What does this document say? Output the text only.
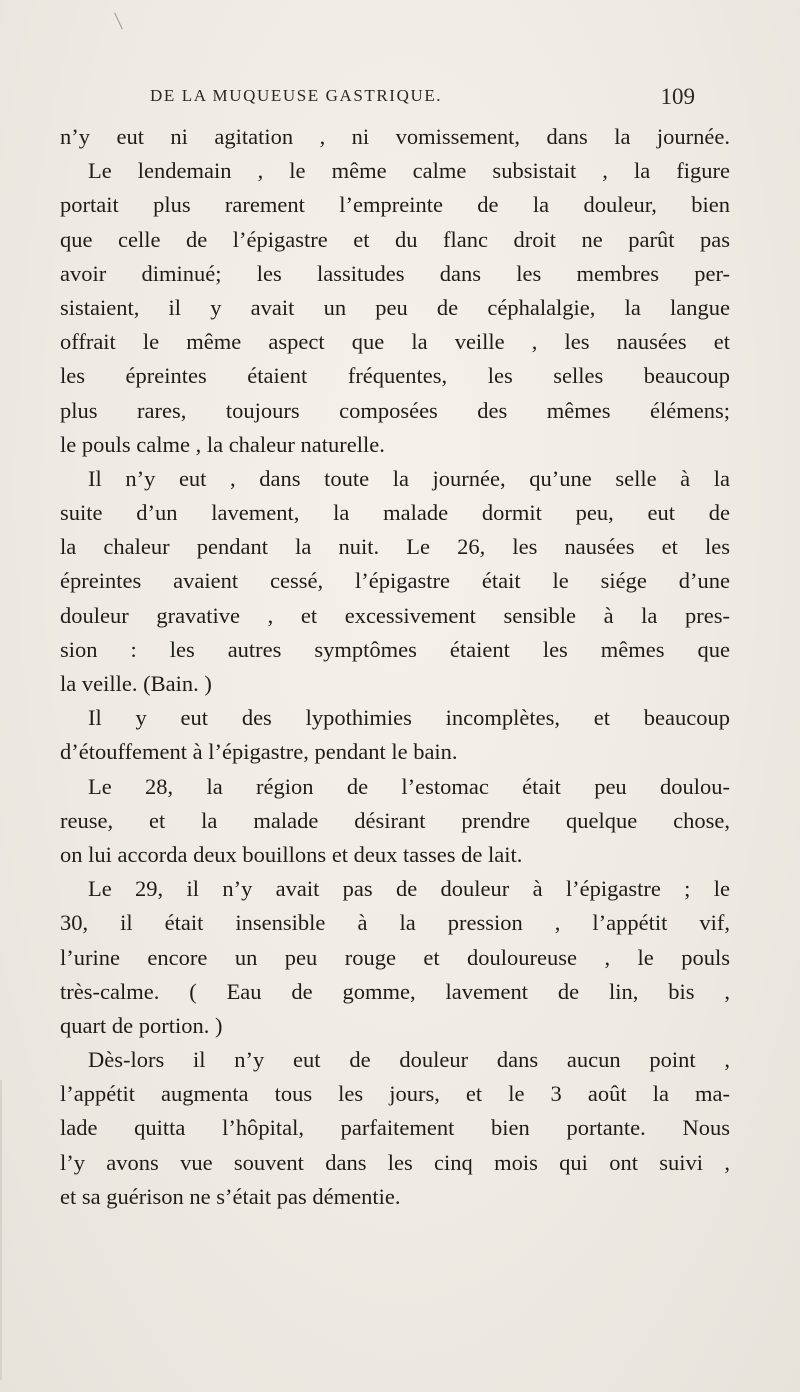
DE LA MUQUEUSE GASTRIQUE.	109
n’y eut ni agitation , ni vomissement, dans la journée.
Le lendemain , le même calme subsistait , la figure
portait plus rarement l’empreinte de la douleur, bien
que celle de l’épigastre et du flanc droit ne parût pas
avoir diminué; les lassitudes dans les membres per-
sistaient, il y avait un peu de céphalalgie, la langue
offrait le même aspect que la veille , les nausées et
les épreintes étaient fréquentes, les selles beaucoup
plus rares, toujours composées des mêmes élémens;
le pouls calme , la chaleur naturelle.
Il n’y eut , dans toute la journée, qu’une selle à la
suite d’un lavement, la malade dormit peu, eut de
la chaleur pendant la nuit. Le 26, les nausées et les
épreintes avaient cessé, l’épigastre était le siége d’une
douleur gravative , et excessivement sensible à la pres-
sion : les autres symptômes étaient les mêmes que
la veille. (Bain. )
Il y eut des lypothimies incomplètes, et beaucoup
d’étouffement à l’épigastre, pendant le bain.
Le 28, la région de l’estomac était peu doulou-
reuse, et la malade désirant prendre quelque chose,
on lui accorda deux bouillons et deux tasses de lait.
Le 29, il n’y avait pas de douleur à l’épigastre ; le
30, il était insensible à la pression , l’appétit vif,
l’urine encore un peu rouge et douloureuse , le pouls
très-calme. ( Eau de gomme, lavement de lin, bis ,
quart de portion. )
Dès-lors il n’y eut de douleur dans aucun point ,
l’appétit augmenta tous les jours, et le 3 août la ma-
lade quitta l’hôpital, parfaitement bien portante. Nous
l’y avons vue souvent dans les cinq mois qui ont suivi ,
et sa guérison ne s’était pas démentie.
